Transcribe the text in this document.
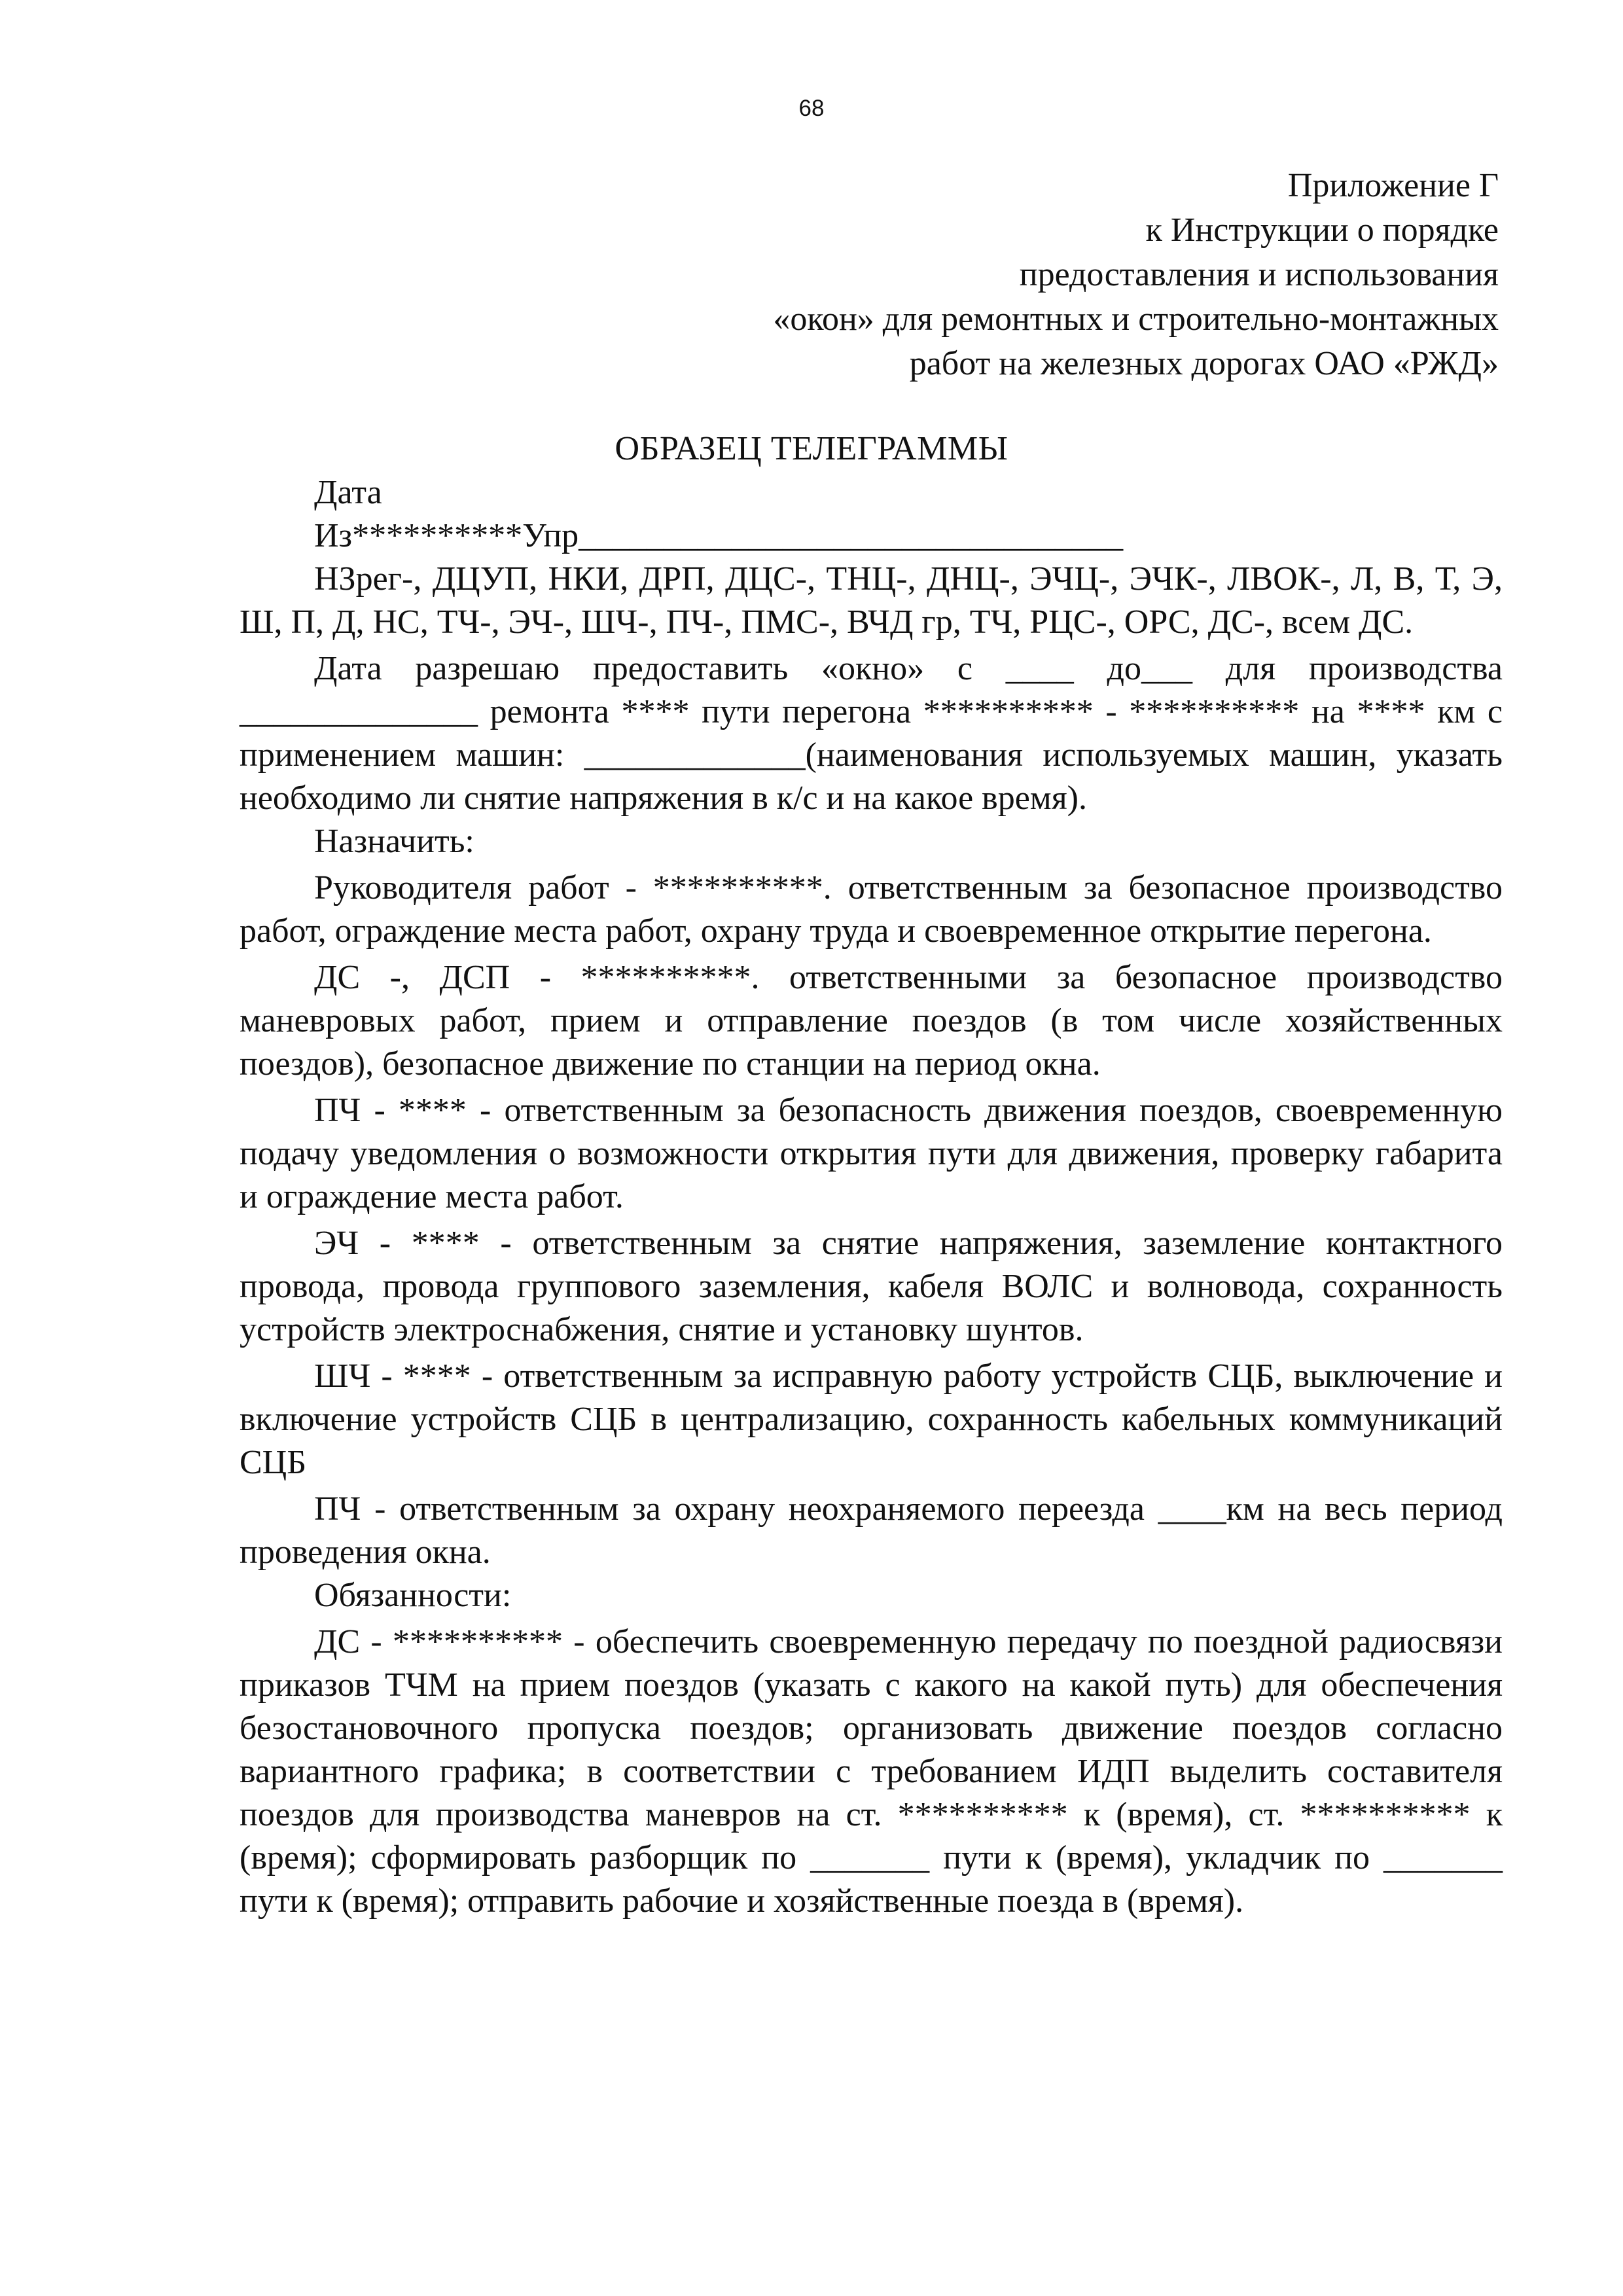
68
Приложение Г
к Инструкции о порядке
предоставления и использования
«окон» для ремонтных и строительно-монтажных
работ на железных дорогах ОАО «РЖД»
ОБРАЗЕЦ ТЕЛЕГРАММЫ

Дата

Из**********Упр________________________________

НЗрег-, ДЦУП, НКИ, ДРП, ДЦС-, ТНЦ-, ДНЦ-, ЭЧЦ-, ЭЧК-, ЛВОК-, Л, В, Т, Э, Ш, П, Д, НС, ТЧ-, ЭЧ-, ШЧ-, ПЧ-, ПМС-, ВЧД гр, ТЧ, РЦС-, ОРС, ДС-, всем ДС.

Дата разрешаю предоставить «окно» с ____ до___ для производства ______________ ремонта **** пути перегона ********** - ********** на **** км с применением машин: _____________(наименования используемых машин, указать необходимо ли снятие напряжения в к/с и на какое время).

Назначить:

Руководителя работ - **********. ответственным за безопасное производство работ, ограждение места работ, охрану труда и своевременное открытие перегона.

ДС -, ДСП - **********. ответственными за безопасное производство маневровых работ, прием и отправление поездов (в том числе хозяйственных поездов), безопасное движение по станции на период окна.

ПЧ - **** - ответственным за безопасность движения поездов, своевременную подачу уведомления о возможности открытия пути для движения, проверку габарита и ограждение места работ.

ЭЧ - **** - ответственным за снятие напряжения, заземление контактного провода, провода группового заземления, кабеля ВОЛС и волновода, сохранность устройств электроснабжения, снятие и установку шунтов.

ШЧ - **** - ответственным за исправную работу устройств СЦБ, выключение и включение устройств СЦБ в централизацию, сохранность кабельных коммуникаций СЦБ

ПЧ - ответственным за охрану неохраняемого переезда ____км на весь период проведения окна.

Обязанности:

ДС - ********** - обеспечить своевременную передачу по поездной радиосвязи приказов ТЧМ на прием поездов (указать с какого на какой путь) для обеспечения безостановочного пропуска поездов; организовать движение поездов согласно вариантного графика; в соответствии с требованием ИДП выделить составителя поездов для производства маневров на ст. ********** к (время), ст. ********** к (время); сформировать разборщик по _______ пути к (время), укладчик по _______ пути к (время); отправить рабочие и хозяйственные поезда в (время).
